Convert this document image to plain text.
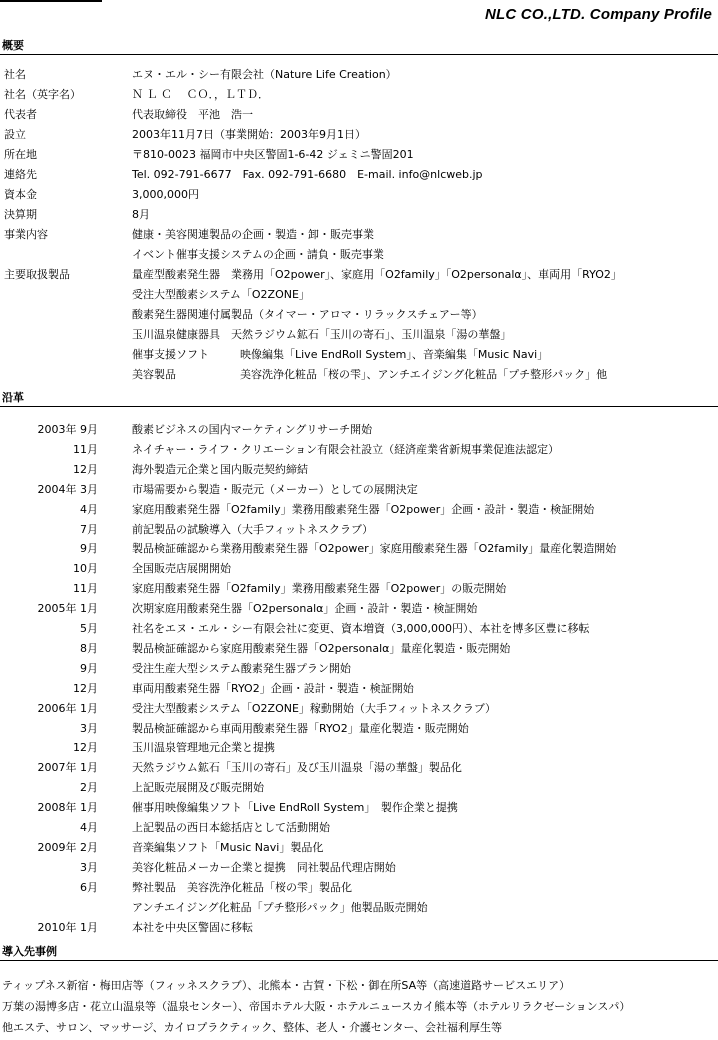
NLC CO.,LTD. Company Profile
概要
社名	エヌ・エル・シー有限会社（Nature Life Creation）
社名（英字名）	Ｎ Ｌ Ｃ　 ＣＯ．，ＬＴＤ．
代表者	代表取締役　平池　浩一
設立	2003年11月7日（事業開始：2003年9月1日）
所在地	〒810-0023 福岡市中央区警固1-6-42 ジェミニ警固201
連絡先	Tel. 092-791-6677　Fax. 092-791-6680　E-mail. info@nlcweb.jp
資本金	3,000,000円
決算期	8月
事業内容	健康・美容関連製品の企画・製造・卸・販売事業
イベント催事支援システムの企画・請負・販売事業
主要取扱製品	量産型酸素発生器　業務用「O2power」、家庭用「O2family」「O2personalα」、車両用「RYO2」
受注大型酸素システム「O2ZONE」
酸素発生器関連付属製品（タイマー・アロマ・リラックスチェアー等）
玉川温泉健康器具　天然ラジウム鉱石「玉川の寄石」、玉川温泉「湯の華盤」
催事支援ソフト	映像編集「Live EndRoll System」、音楽編集「Music Navi」
美容製品	美容洗浄化粧品「桜の雫」、アンチエイジング化粧品「プチ整形パック」他
沿革
2003年 9月	酸素ビジネスの国内マーケティングリサーチ開始
11月	ネイチャー・ライフ・クリエーション有限会社設立（経済産業省新規事業促進法認定）
12月	海外製造元企業と国内販売契約締結
2004年 3月	市場需要から製造・販売元（メーカー）としての展開決定
4月	家庭用酸素発生器「O2family」業務用酸素発生器「O2power」企画・設計・製造・検証開始
7月	前記製品の試験導入（大手フィットネスクラブ）
9月	製品検証確認から業務用酸素発生器「O2power」家庭用酸素発生器「O2family」量産化製造開始
10月	全国販売店展開開始
11月	家庭用酸素発生器「O2family」業務用酸素発生器「O2power」の販売開始
2005年 1月	次期家庭用酸素発生器「O2personalα」企画・設計・製造・検証開始
5月	社名をエヌ・エル・シー有限会社に変更、資本増資（3,000,000円）、本社を博多区豊に移転
8月	製品検証確認から家庭用酸素発生器「O2personalα」量産化製造・販売開始
9月	受注生産大型システム酸素発生器プラン開始
12月	車両用酸素発生器「RYO2」企画・設計・製造・検証開始
2006年 1月	受注大型酸素システム「O2ZONE」稼動開始（大手フィットネスクラブ）
3月	製品検証確認から車両用酸素発生器「RYO2」量産化製造・販売開始
12月	玉川温泉管理地元企業と提携
2007年 1月	天然ラジウム鉱石「玉川の寄石」及び玉川温泉「湯の華盤」製品化
2月	上記販売展開及び販売開始
2008年 1月	催事用映像編集ソフト「Live EndRoll System」　製作企業と提携
4月	上記製品の西日本総括店として活動開始
2009年 2月	音楽編集ソフト「Music Navi」製品化
3月	美容化粧品メーカー企業と提携　同社製品代理店開始
6月	弊社製品　美容洗浄化粧品「桜の雫」製品化
アンチエイジング化粧品「プチ整形パック」他製品販売開始
2010年 1月	本社を中央区警固に移転
導入先事例
ティップネス新宿・梅田店等（フィッネスクラブ）、北熊本・古賀・下松・御在所SA等（高速道路サービスエリア）
万葉の湯博多店・花立山温泉等（温泉センター）、帝国ホテル大阪・ホテルニュースカイ熊本等（ホテルリラクゼーションスパ）
他エステ、サロン、マッサージ、カイロプラクティック、整体、老人・介護センター、会社福利厚生等
